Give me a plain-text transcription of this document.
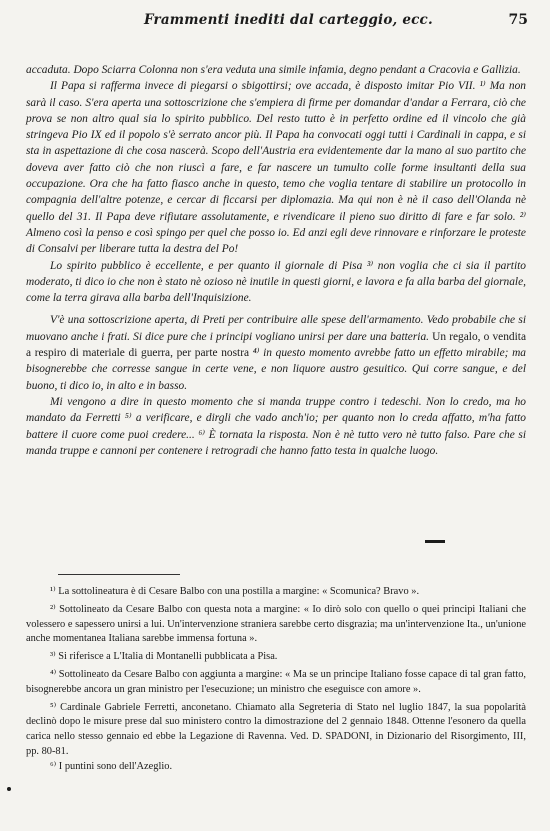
Frammenti inediti dal carteggio, ecc.	75

accaduta. Dopo Sciarra Colonna non s'era veduta una simile infamia, degno pendant a Cracovia e Gallizia.

Il Papa si rafferma invece di piegarsi o sbigottirsi; ove accada, è disposto imitar Pio VII. ¹⁾ Ma non sarà il caso. S'era aperta una sottoscrizione che s'empiera di firme per domandar d'andar a Ferrara, ciò che prova se non altro qual sia lo spirito pubblico. Del resto tutto è in perfetto ordine ed il vincolo che già stringeva Pio IX ed il popolo s'è serrato ancor più. Il Papa ha convocati oggi tutti i Cardinali in cappa, e si sta in aspettazione di che cosa nascerà. Scopo dell'Austria era evidentemente dar la mano al suo partito che doveva aver fatto ciò che non riuscì a fare, e far nascere un tumulto colle forme insultanti della sua occupazione. Ora che ha fatto fiasco anche in questo, temo che voglia tentare di stabilire un protocollo in compagnia dell'altre potenze, e cercar di ficcarsi per diplomazia. Ma qui non è nè il caso dell'Olanda nè quello del 31. Il Papa deve rifiutare assolutamente, e rivendicare il pieno suo diritto di fare e far solo. ²⁾ Almeno così la penso e così spingo per quel che posso io. Ed anzi egli deve rinnovare e rinforzare le proteste di Consalvi per liberare tutta la destra del Po!

Lo spirito pubblico è eccellente, e per quanto il giornale di Pisa ³⁾ non voglia che ci sia il partito moderato, ti dico io che non è stato nè ozioso nè inutile in questi giorni, e lavora e fa alla barba del giornale, come la terra girava alla barba dell'Inquisizione.

V'è una sottoscrizione aperta, di Preti per contribuire alle spese dell'armamento. Vedo probabile che si muovano anche i frati. Si dice pure che i principi vogliano unirsi per dare una batteria. Un regalo, o vendita a respiro di materiale di guerra, per parte nostra ⁴⁾ in questo momento avrebbe fatto un effetto mirabile; ma bisognerebbe che corresse sangue in certe vene, e non liquore austro gesuitico. Qui corre sangue, e del buono, ti dico io, in alto e in basso.

Mi vengono a dire in questo momento che si manda truppe contro i tedeschi. Non lo credo, ma ho mandato da Ferretti ⁵⁾ a verificare, e dirgli che vado anch'io; per quanto non lo creda affatto, m'ha fatto battere il cuore come puoi credere... ⁶⁾ È tornata la risposta. Non è nè tutto vero nè tutto falso. Pare che si manda truppe e cannoni per contenere i retrogradi che hanno fatto testa in qualche luogo.

¹⁾ La sottolineatura è di Cesare Balbo con una postilla a margine: « Scomunica? Bravo ».

²⁾ Sottolineato da Cesare Balbo con questa nota a margine: « Io dirò solo con quello o quei principi Italiani che volessero e sapessero unirsi a lui. Un'intervenzione straniera sarebbe certo disgrazia; ma un'intervenzione Ita., un'unione anche momentanea Italiana sarebbe immensa fortuna ».

³⁾ Si riferisce a L'Italia di Montanelli pubblicata a Pisa.

⁴⁾ Sottolineato da Cesare Balbo con aggiunta a margine: « Ma se un principe Italiano fosse capace di tal gran fatto, bisognerebbe ancora un gran ministro per l'esecuzione; un ministro che eseguisce con amore ».

⁵⁾ Cardinale Gabriele Ferretti, anconetano. Chiamato alla Segreteria di Stato nel luglio 1847, la sua popolarità declinò dopo le misure prese dal suo ministero contro la dimostrazione del 2 gennaio 1848. Ottenne l'esonero da quella carica nello stesso gennaio ed ebbe la Legazione di Ravenna. Ved. D. SPADONI, in Dizionario del Risorgimento, III, pp. 80-81.

⁶⁾ I puntini sono dell'Azeglio.
